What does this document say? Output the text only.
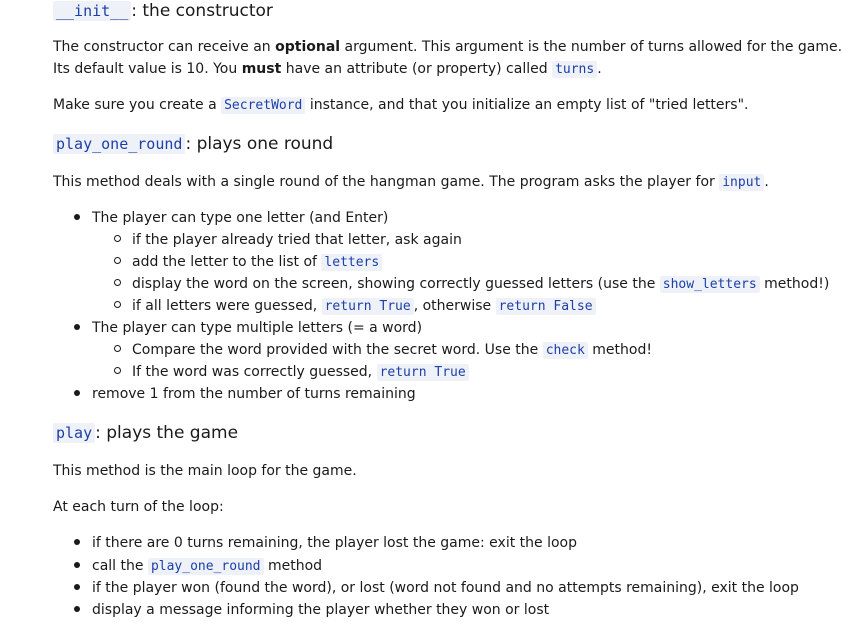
__init__ : the constructor

The constructor can receive an optional argument. This argument is the number of turns allowed for the game.

Its default value is 10. You must have an attribute (or property) called turns .

Make sure you create a SecretWord instance, and that you initialize an empty list of "tried letters".

play_one_round : plays one round

This method deals with a single round of the hangman game. The program asks the player for input .

The player can type one letter (and Enter)

if the player already tried that letter, ask again

add the letter to the list of letters

display the word on the screen, showing correctly guessed letters (use the show_letters method!)

if all letters were guessed, return True , otherwise return False

The player can type multiple letters (= a word)

Compare the word provided with the secret word. Use the check method!

If the word was correctly guessed, return True

remove 1 from the number of turns remaining

play : plays the game

This method is the main loop for the game.

At each turn of the loop:

if there are 0 turns remaining, the player lost the game: exit the loop

call the play_one_round method

if the player won (found the word), or lost (word not found and no attempts remaining), exit the loop

display a message informing the player whether they won or lost
